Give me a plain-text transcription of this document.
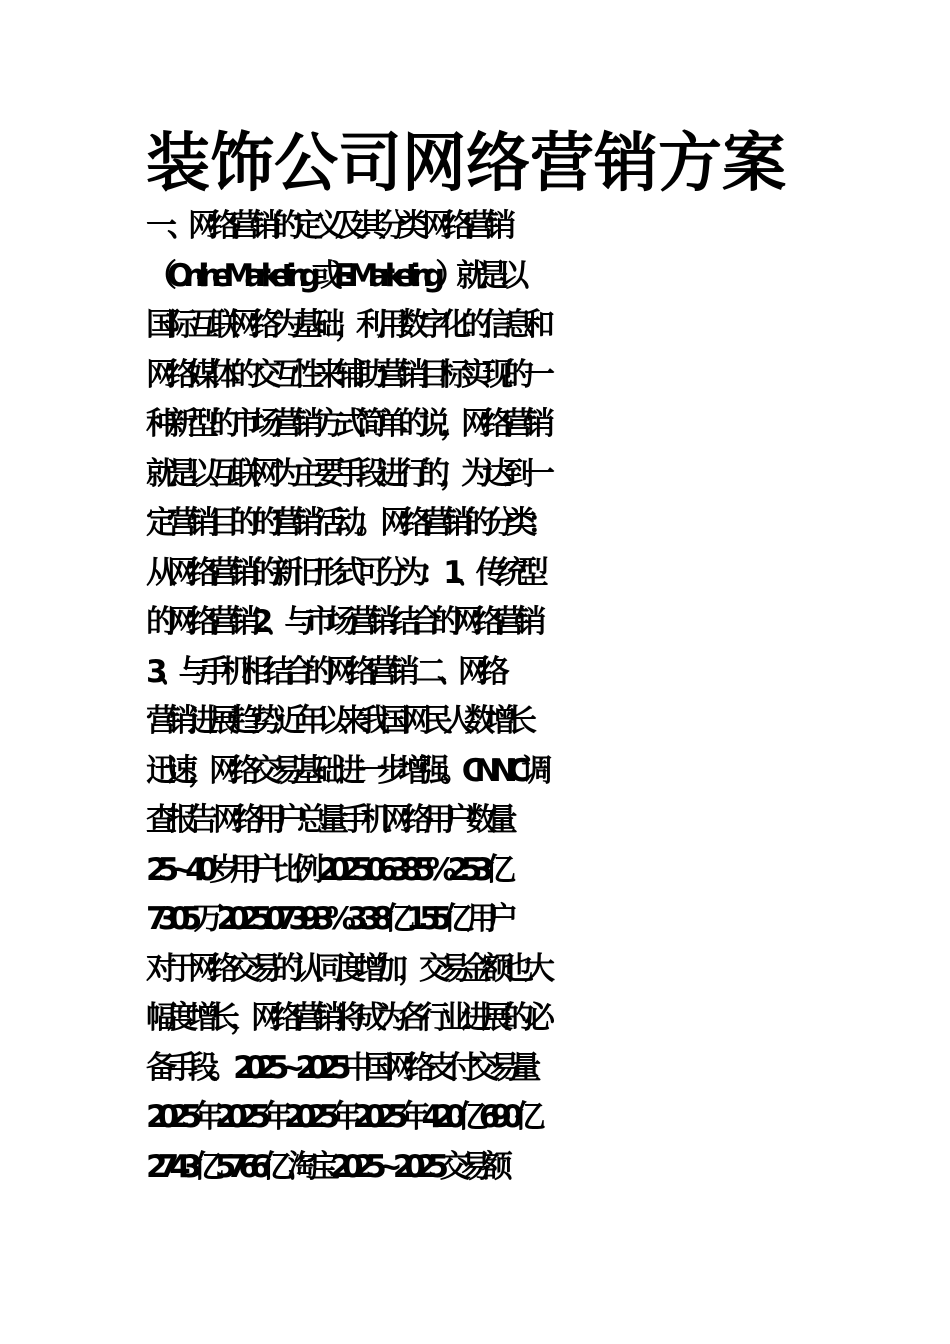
装饰公司网络营销方案
一、网络营销的定义及其分类    网络营销
（On-line Marketing 或 E-Marketing）就是以
国际互联网络为基础，利用数字化的信息和
网络媒体的交互性来辅助营销目标实现的一
种新型的市场营销方式简单的说，网络营销
就是以互联网为主要手段进行的，为达到一
定营销目的的营销活动。    网络营销的分类：
从网络营销的新旧形式可分为：    1、传统型
的网络营销 2、与市场营销结合的网络营销
3、与手机相结合的网络营销        二、网络
营销进展趋势    近年以来我国网民人数增长
迅速，网络交易基础进一步增强。 CNNIC 调
查报告     网络用户总量 手机网络用户数量
25~40 岁用户比例    2025.06 38.5% 2.53 亿
7305 万   2025.07 39.3% 3.38 亿 1.55 亿   用户
对于网络交易的认同度增加，交易金额也大
幅度增长，网络营销将成为各行业进展的必
备手段。    2025~2025 中国网络支付交易量
2025 年 2025 年 2025 年 2025 年 420 亿 690 亿
2743 亿 5766 亿      淘宝 2025~2025 交易额
